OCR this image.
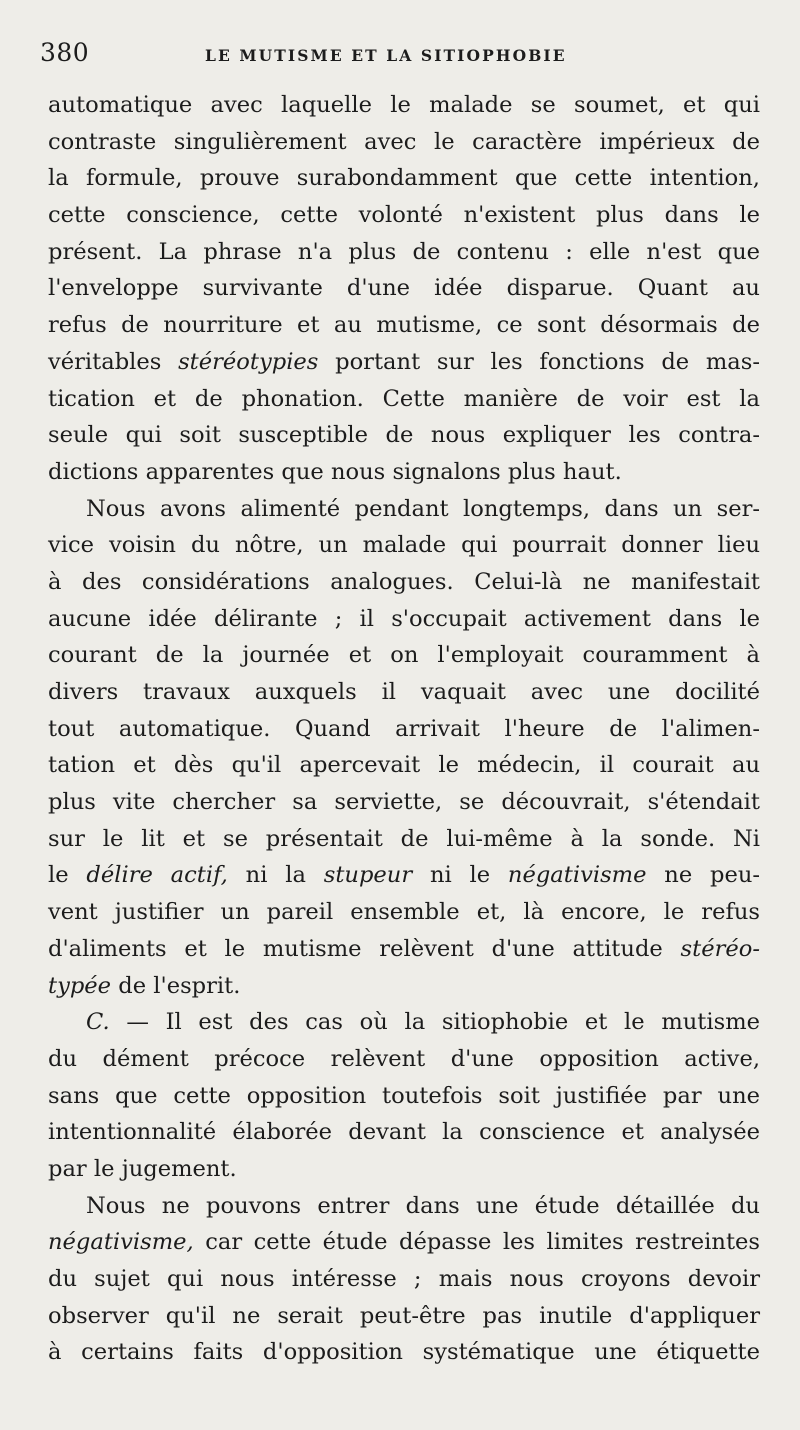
380	LE MUTISME ET LA SITIOPHOBIE
automatique avec laquelle le malade se soumet, et qui
contraste singulièrement avec le caractère impérieux de
la formule, prouve surabondamment que cette intention,
cette conscience, cette volonté n'existent plus dans le
présent. La phrase n'a plus de contenu : elle n'est que
l'enveloppe survivante d'une idée disparue. Quant au
refus de nourriture et au mutisme, ce sont désormais de
véritables stéréotypies portant sur les fonctions de mas-
tication et de phonation. Cette manière de voir est la
seule qui soit susceptible de nous expliquer les contra-
dictions apparentes que nous signalons plus haut.
Nous avons alimenté pendant longtemps, dans un ser-
vice voisin du nôtre, un malade qui pourrait donner lieu
à des considérations analogues. Celui-là ne manifestait
aucune idée délirante ; il s'occupait activement dans le
courant de la journée et on l'employait couramment à
divers travaux auxquels il vaquait avec une docilité
tout automatique. Quand arrivait l'heure de l'alimen-
tation et dès qu'il apercevait le médecin, il courait au
plus vite chercher sa serviette, se découvrait, s'étendait
sur le lit et se présentait de lui-même à la sonde. Ni
le délire actif, ni la stupeur ni le négativisme ne peu-
vent justifier un pareil ensemble et, là encore, le refus
d'aliments et le mutisme relèvent d'une attitude stéréo-
typée de l'esprit.
C. — Il est des cas où la sitiophobie et le mutisme
du dément précoce relèvent d'une opposition active,
sans que cette opposition toutefois soit justifiée par une
intentionnalité élaborée devant la conscience et analysée
par le jugement.
Nous ne pouvons entrer dans une étude détaillée du
négativisme, car cette étude dépasse les limites restreintes
du sujet qui nous intéresse ; mais nous croyons devoir
observer qu'il ne serait peut-être pas inutile d'appliquer
à certains faits d'opposition systématique une étiquette
